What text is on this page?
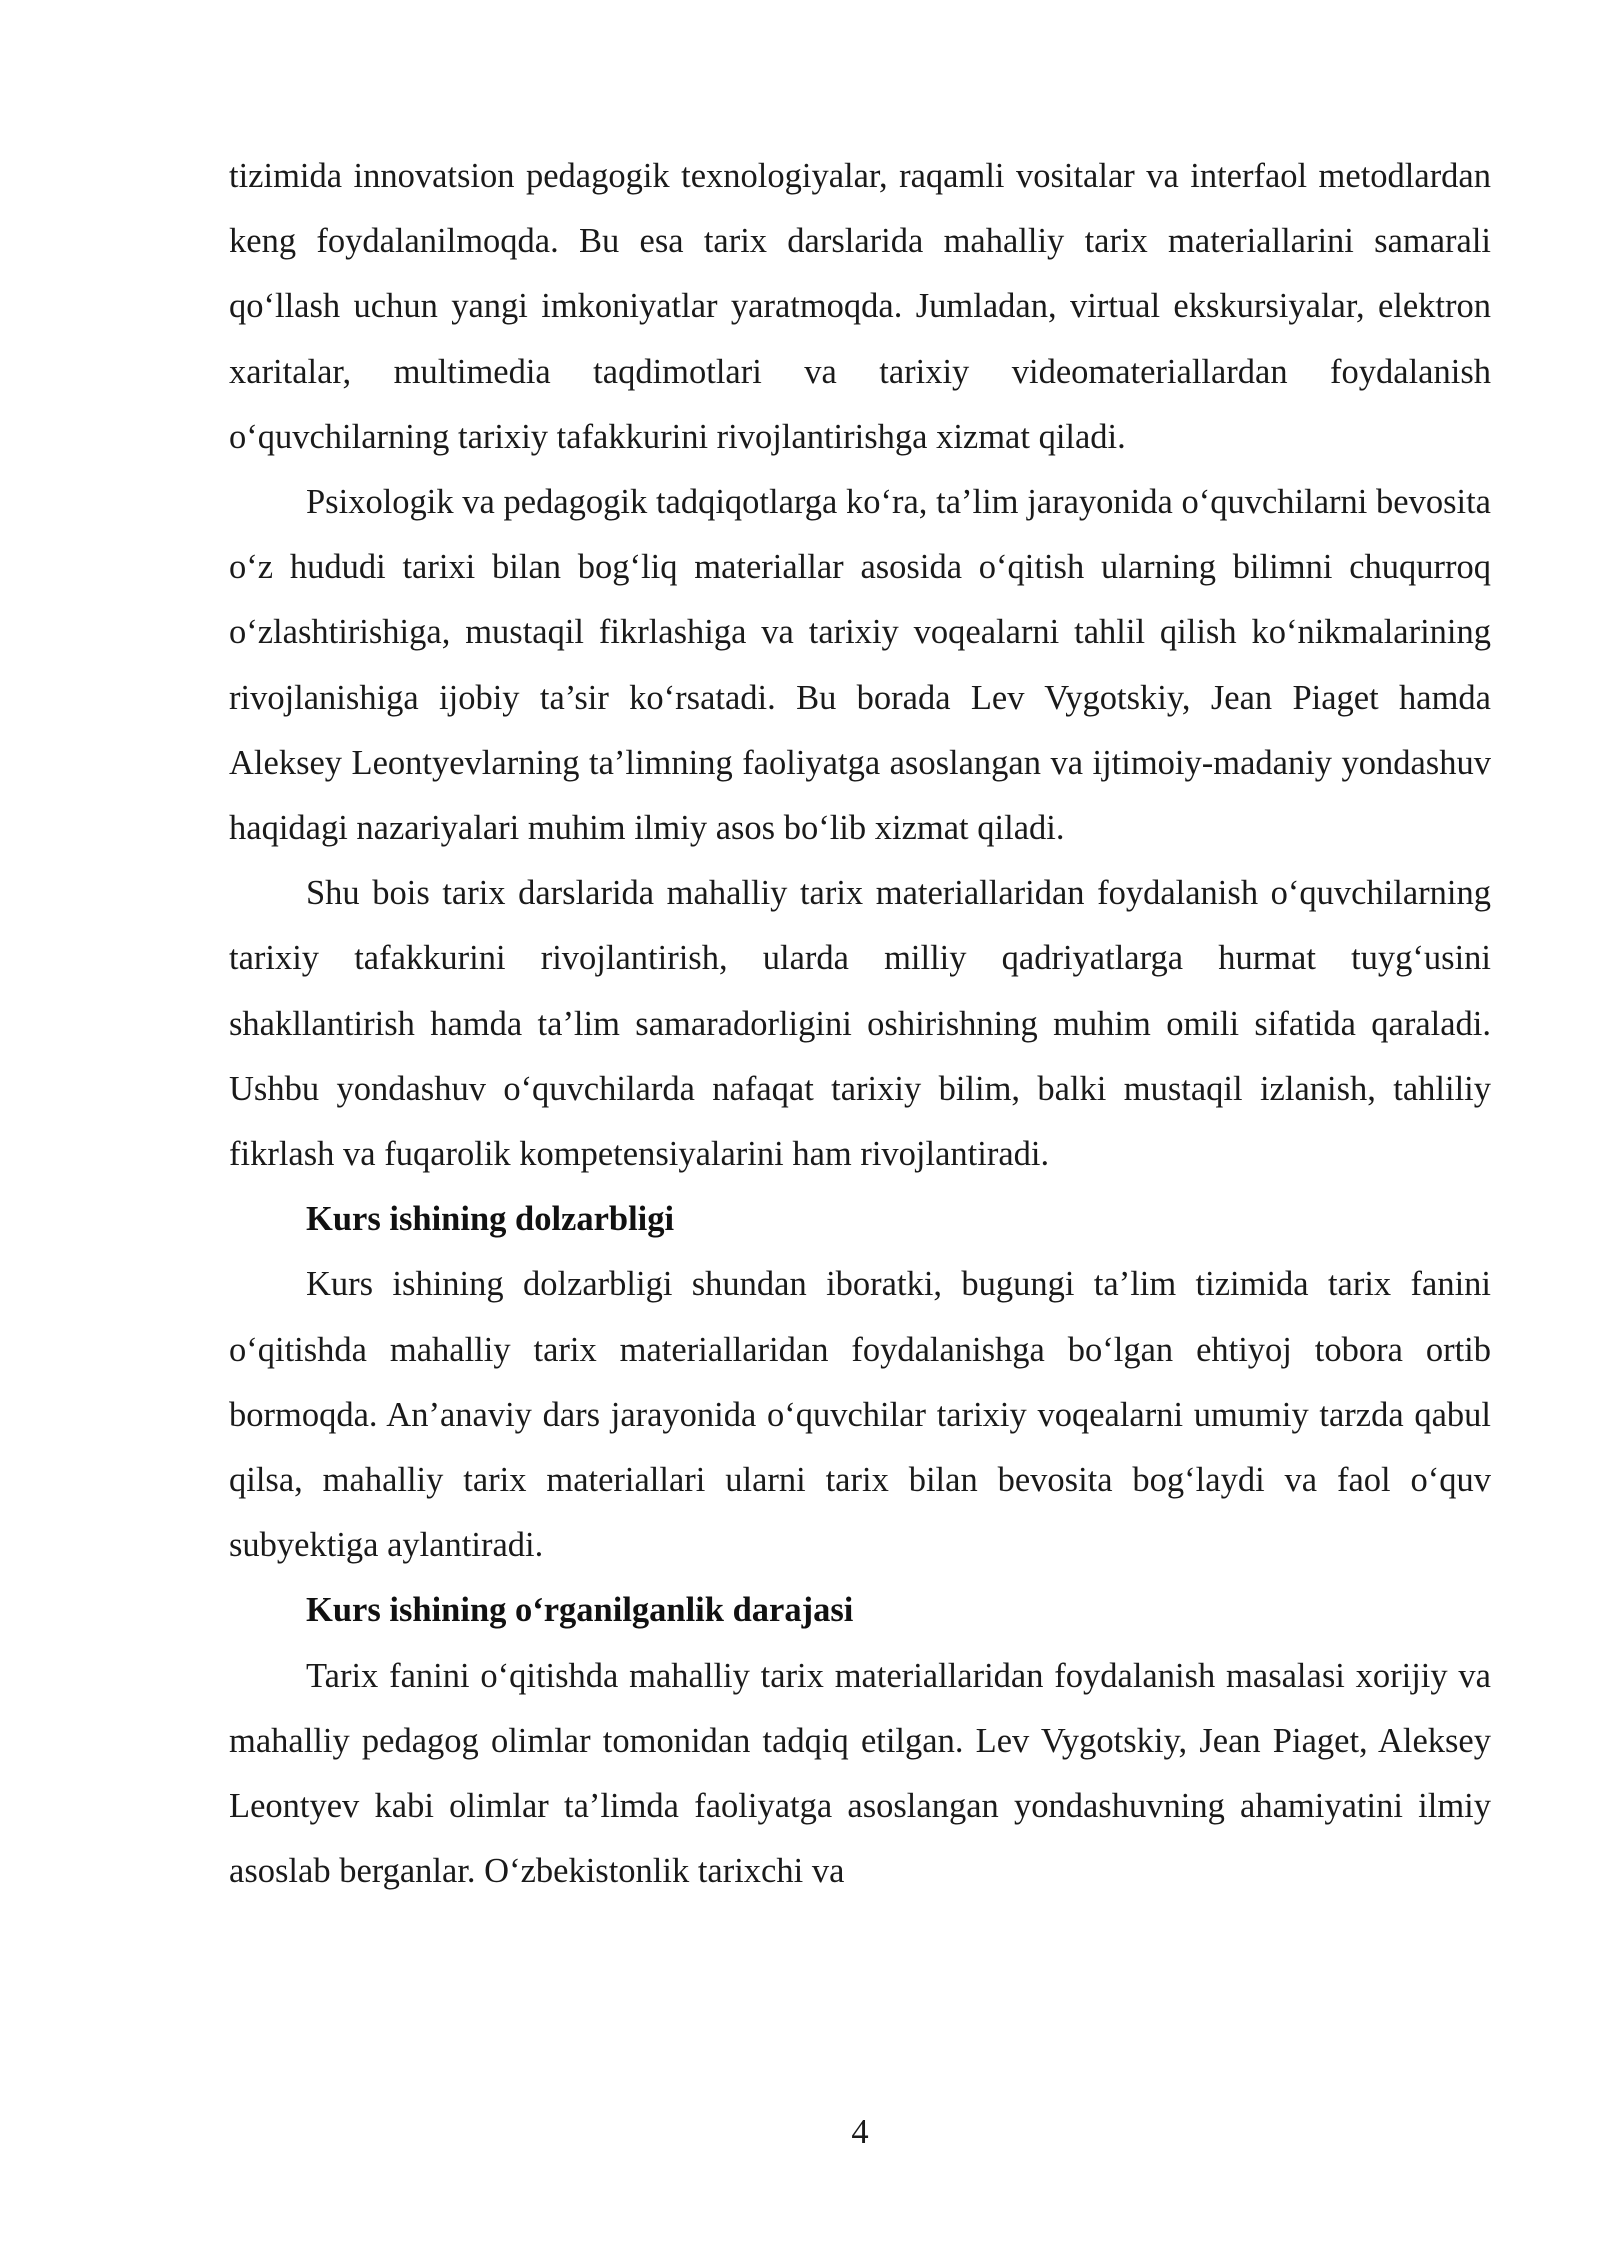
tizimida innovatsion pedagogik texnologiyalar, raqamli vositalar va interfaol metodlardan keng foydalanilmoqda. Bu esa tarix darslarida mahalliy tarix materiallarini samarali qo‘llash uchun yangi imkoniyatlar yaratmoqda. Jumladan, virtual ekskursiyalar, elektron xaritalar, multimedia taqdimotlari va tarixiy videomateriallardan foydalanish o‘quvchilarning tarixiy tafakkurini rivojlantirishga xizmat qiladi.

Psixologik va pedagogik tadqiqotlarga ko‘ra, ta’lim jarayonida o‘quvchilarni bevosita o‘z hududi tarixi bilan bog‘liq materiallar asosida o‘qitish ularning bilimni chuqurroq o‘zlashtirishiga, mustaqil fikrlashiga va tarixiy voqealarni tahlil qilish ko‘nikmalarining rivojlanishiga ijobiy ta’sir ko‘rsatadi. Bu borada Lev Vygotskiy, Jean Piaget hamda Aleksey Leontyevlarning ta’limning faoliyatga asoslangan va ijtimoiy-madaniy yondashuv haqidagi nazariyalari muhim ilmiy asos bo‘lib xizmat qiladi.

Shu bois tarix darslarida mahalliy tarix materiallaridan foydalanish o‘quvchilarning tarixiy tafakkurini rivojlantirish, ularda milliy qadriyatlarga hurmat tuyg‘usini shakllantirish hamda ta’lim samaradorligini oshirishning muhim omili sifatida qaraladi. Ushbu yondashuv o‘quvchilarda nafaqat tarixiy bilim, balki mustaqil izlanish, tahliliy fikrlash va fuqarolik kompetensiyalarini ham rivojlantiradi.

Kurs ishining dolzarbligi

Kurs ishining dolzarbligi shundan iboratki, bugungi ta’lim tizimida tarix fanini o‘qitishda mahalliy tarix materiallaridan foydalanishga bo‘lgan ehtiyoj tobora ortib bormoqda. An’anaviy dars jarayonida o‘quvchilar tarixiy voqealarni umumiy tarzda qabul qilsa, mahalliy tarix materiallari ularni tarix bilan bevosita bog‘laydi va faol o‘quv subyektiga aylantiradi.

Kurs ishining o‘rganilganlik darajasi

Tarix fanini o‘qitishda mahalliy tarix materiallaridan foydalanish masalasi xorijiy va mahalliy pedagog olimlar tomonidan tadqiq etilgan. Lev Vygotskiy, Jean Piaget, Aleksey Leontyev kabi olimlar ta’limda faoliyatga asoslangan yondashuvning ahamiyatini ilmiy asoslab berganlar. O‘zbekistonlik tarixchi va

4
